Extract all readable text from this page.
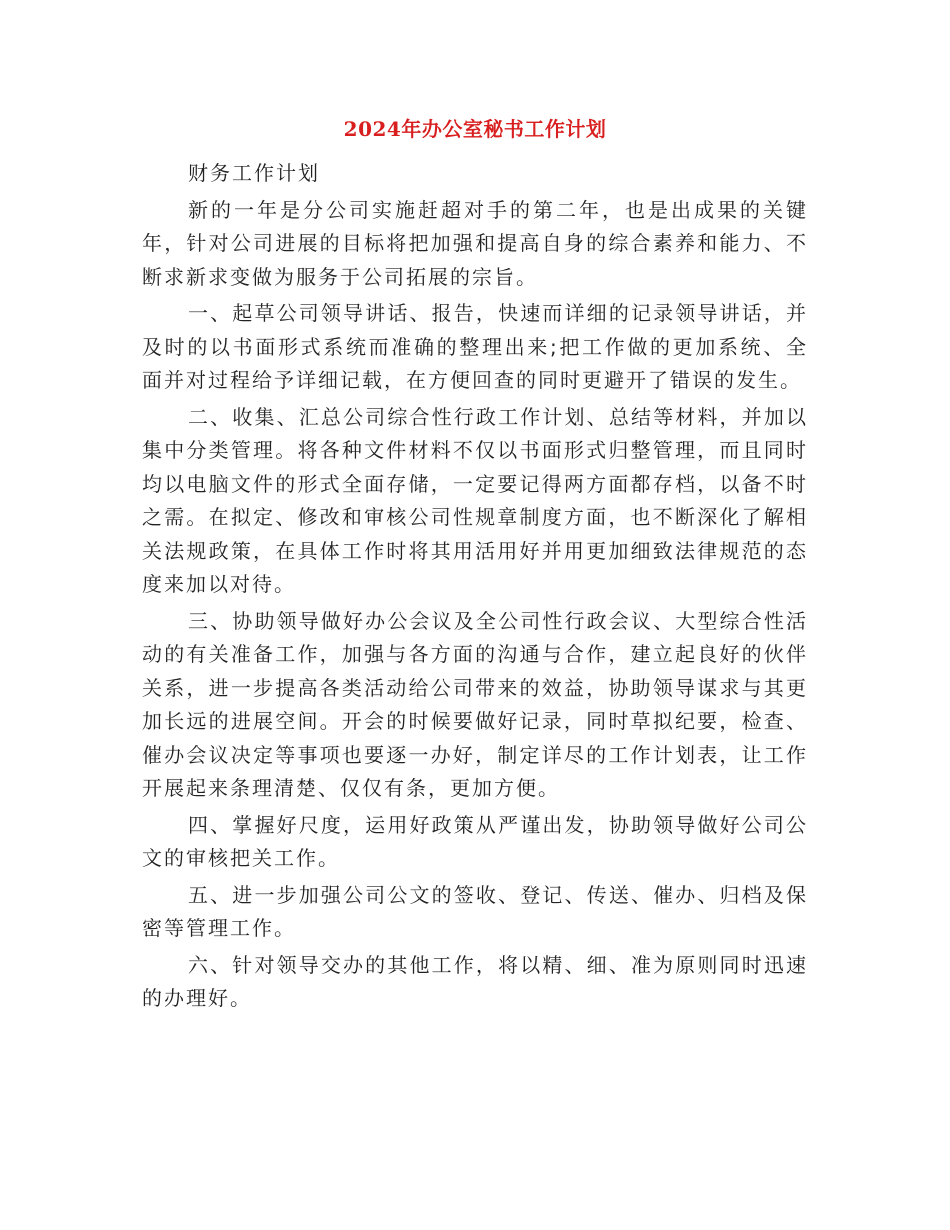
2024年办公室秘书工作计划

财务工作计划

新的一年是分公司实施赶超对手的第二年，也是出成果的关键年，针对公司进展的目标将把加强和提高自身的综合素养和能力、不断求新求变做为服务于公司拓展的宗旨。

一、起草公司领导讲话、报告，快速而详细的记录领导讲话，并及时的以书面形式系统而准确的整理出来;把工作做的更加系统、全面并对过程给予详细记载，在方便回查的同时更避开了错误的发生。

二、收集、汇总公司综合性行政工作计划、总结等材料，并加以集中分类管理。将各种文件材料不仅以书面形式归整管理，而且同时均以电脑文件的形式全面存储，一定要记得两方面都存档，以备不时之需。在拟定、修改和审核公司性规章制度方面，也不断深化了解相关法规政策，在具体工作时将其用活用好并用更加细致法律规范的态度来加以对待。

三、协助领导做好办公会议及全公司性行政会议、大型综合性活动的有关准备工作，加强与各方面的沟通与合作，建立起良好的伙伴关系，进一步提高各类活动给公司带来的效益，协助领导谋求与其更加长远的进展空间。开会的时候要做好记录，同时草拟纪要，检查、催办会议决定等事项也要逐一办好，制定详尽的工作计划表，让工作开展起来条理清楚、仅仅有条，更加方便。

四、掌握好尺度，运用好政策从严谨出发，协助领导做好公司公文的审核把关工作。

五、进一步加强公司公文的签收、登记、传送、催办、归档及保密等管理工作。

六、针对领导交办的其他工作，将以精、细、准为原则同时迅速的办理好。
